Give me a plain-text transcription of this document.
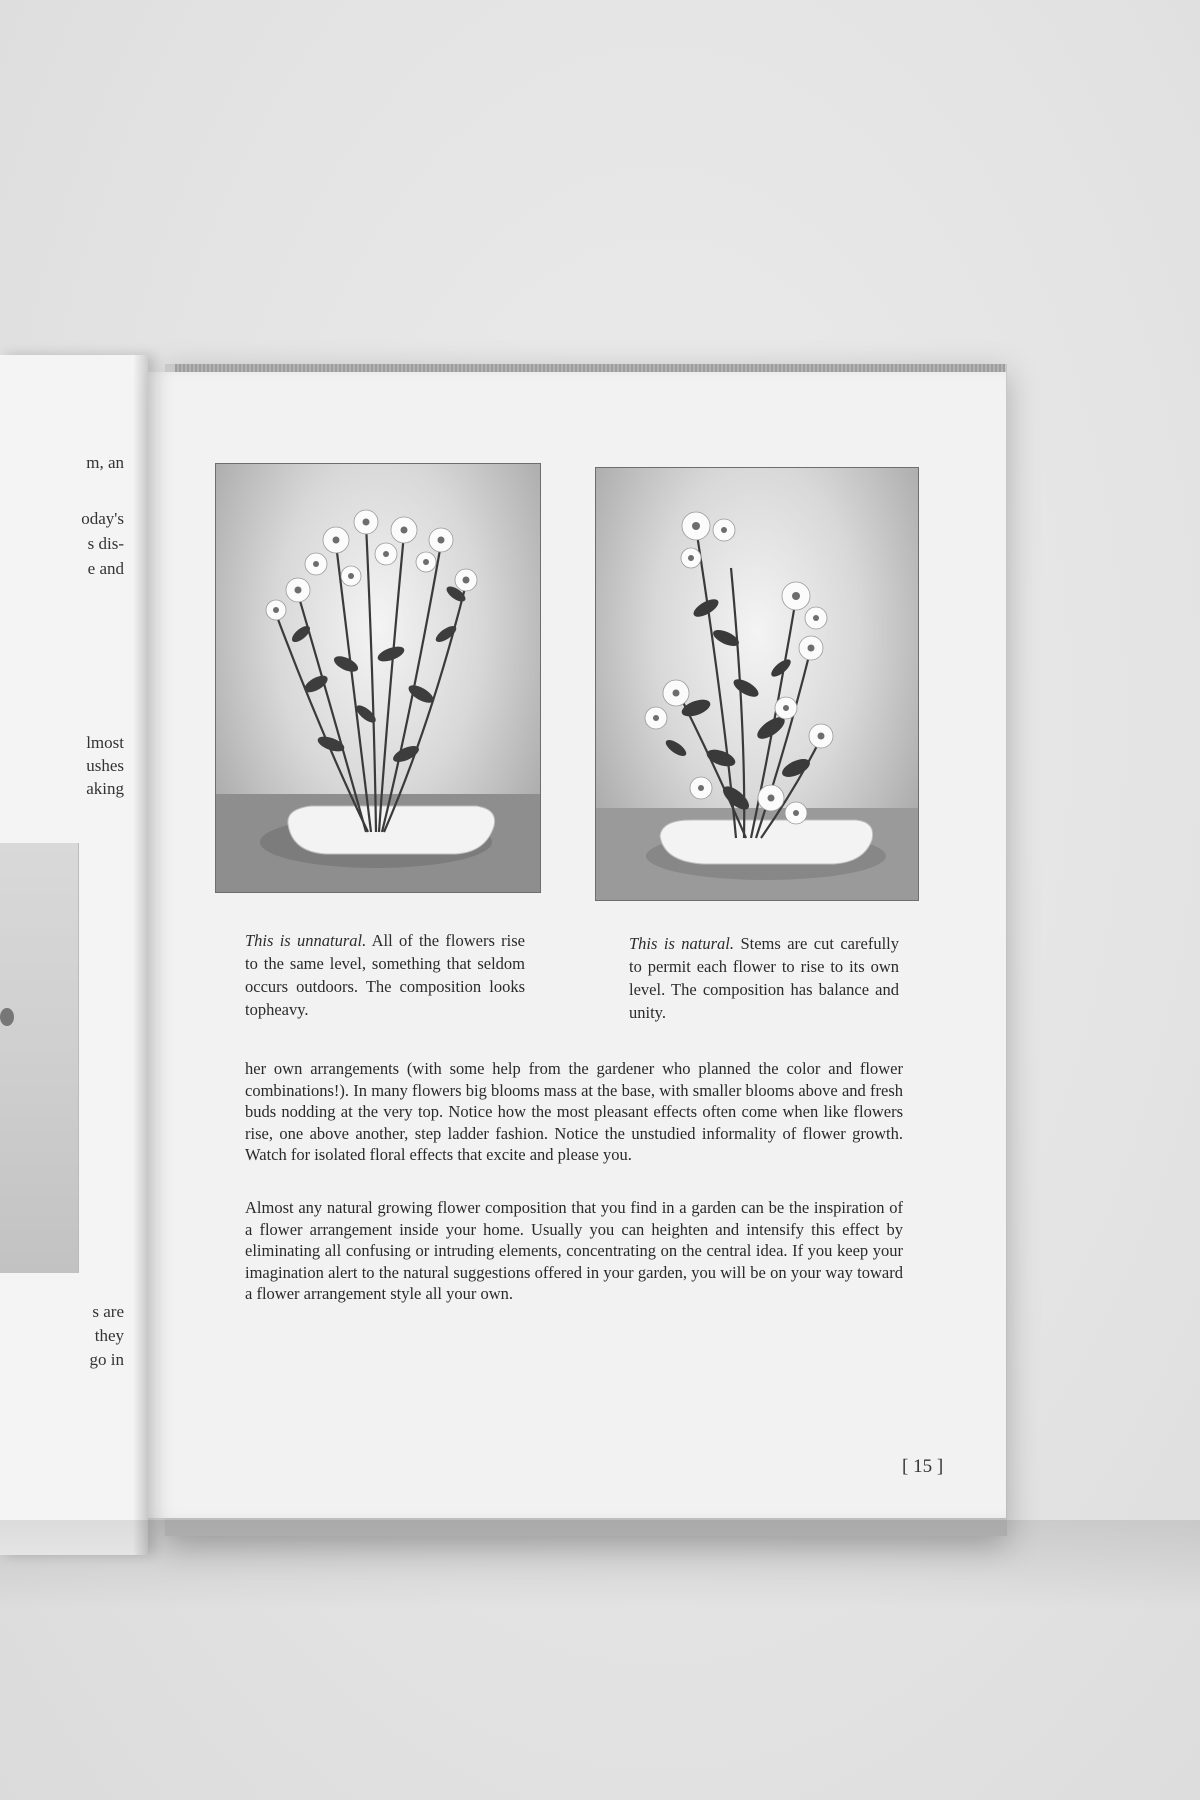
m, an
oday's
s dis-
e and
lmost
ushes
aking
s are
they
go in
This is unnatural. All of the flowers rise to the same level, something that seldom occurs outdoors. The composition looks topheavy.
This is natural. Stems are cut carefully to permit each flower to rise to its own level. The composition has balance and unity.

her own arrangements (with some help from the gardener who planned the color and flower combinations!). In many flowers big blooms mass at the base, with smaller blooms above and fresh buds nodding at the very top. Notice how the most pleasant effects often come when like flowers rise, one above another, step ladder fashion. Notice the unstudied informality of flower growth. Watch for isolated floral effects that excite and please you.

Almost any natural growing flower composition that you find in a garden can be the inspiration of a flower arrangement inside your home. Usually you can heighten and intensify this effect by eliminating all confusing or intruding elements, concentrating on the central idea. If you keep your imagination alert to the natural suggestions offered in your garden, you will be on your way toward a flower arrangement style all your own.

[ 15 ]
